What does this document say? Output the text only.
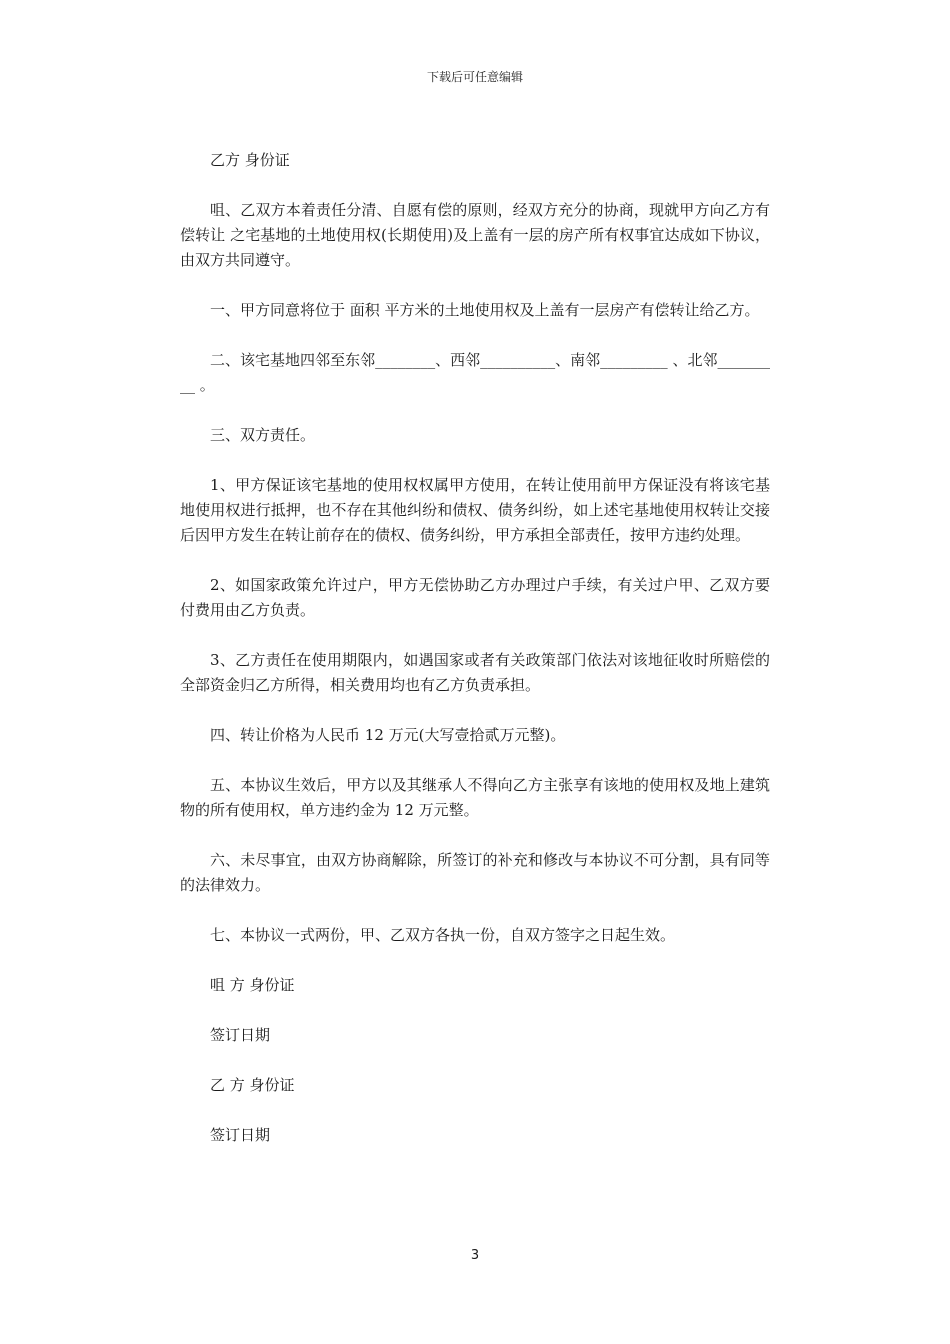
下载后可任意编辑

乙方 身份证

咀、乙双方本着责任分清、自愿有偿的原则，经双方充分的协商，现就甲方向乙方有偿转让 之宅基地的土地使用权(长期使用)及上盖有一层的房产所有权事宜达成如下协议，由双方共同遵守。

一、甲方同意将位于 面积 平方米的土地使用权及上盖有一层房产有偿转让给乙方。

二、该宅基地四邻至东邻________、西邻__________、南邻_________ 、北邻_________ 。

三、双方责任。

1、甲方保证该宅基地的使用权权属甲方使用，在转让使用前甲方保证没有将该宅基地使用权进行抵押，也不存在其他纠纷和债权、债务纠纷，如上述宅基地使用权转让交接后因甲方发生在转让前存在的债权、债务纠纷，甲方承担全部责任，按甲方违约处理。

2、如国家政策允许过户，甲方无偿协助乙方办理过户手续，有关过户甲、乙双方要付费用由乙方负责。

3、乙方责任在使用期限内，如遇国家或者有关政策部门依法对该地征收时所赔偿的全部资金归乙方所得，相关费用均也有乙方负责承担。

四、转让价格为人民币 12 万元(大写壹拾贰万元整)。

五、本协议生效后，甲方以及其继承人不得向乙方主张享有该地的使用权及地上建筑物的所有使用权，单方违约金为 12 万元整。

六、未尽事宜，由双方协商解除，所签订的补充和修改与本协议不可分割，具有同等的法律效力。

七、本协议一式两份，甲、乙双方各执一份，自双方签字之日起生效。

咀 方 身份证

签订日期

乙 方 身份证

签订日期

3
